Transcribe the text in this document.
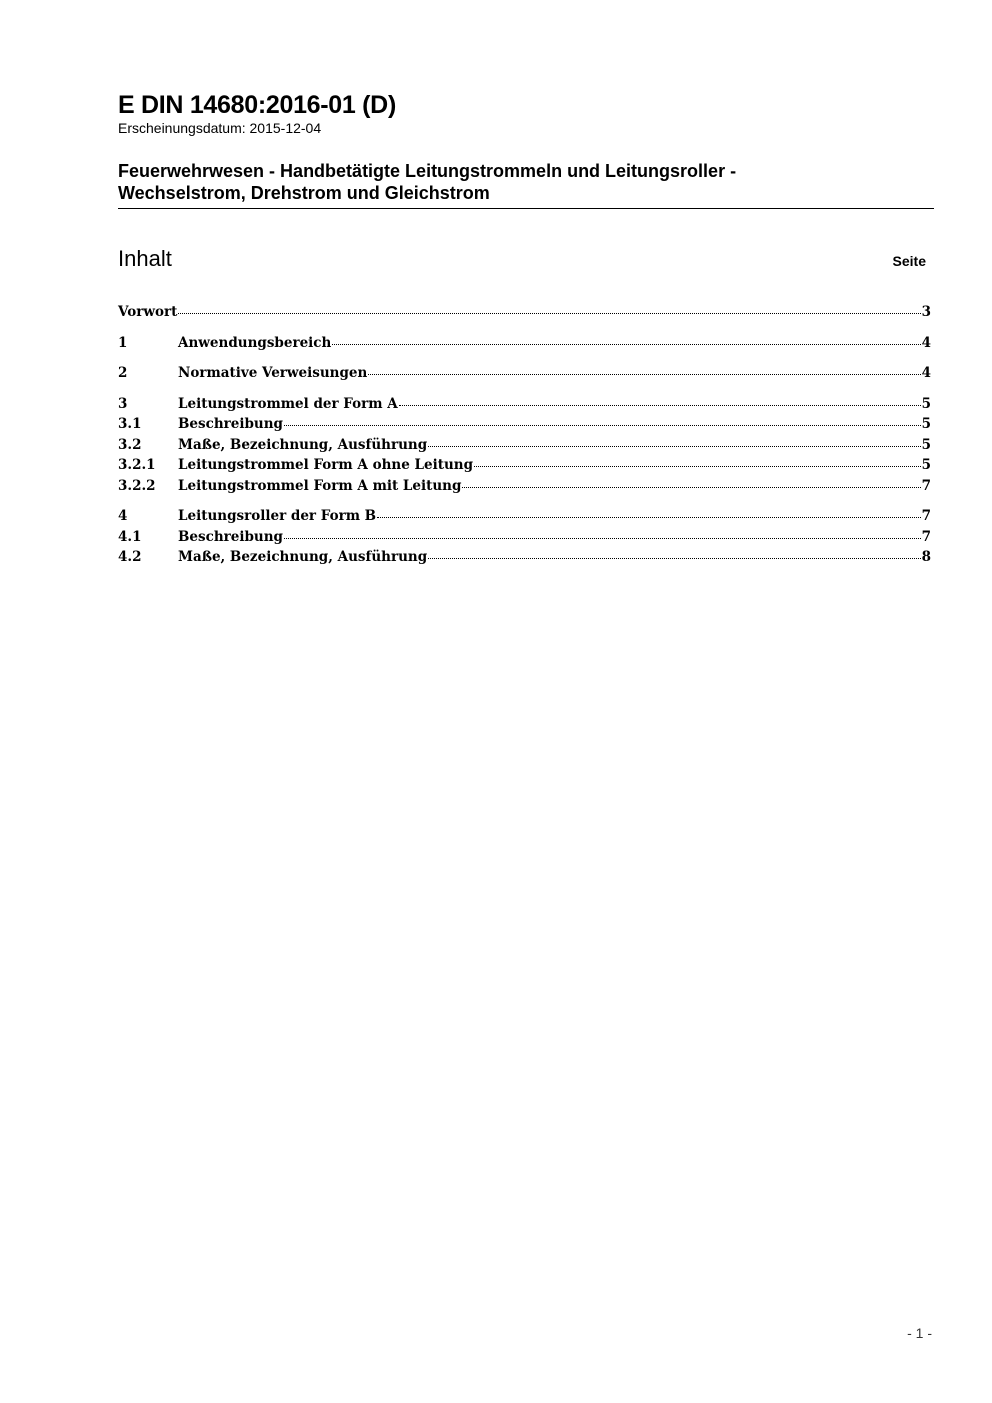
E DIN 14680:2016-01 (D)

Erscheinungsdatum: 2015-12-04

Feuerwehrwesen - Handbetätigte Leitungstrommeln und Leitungsroller -
Wechselstrom, Drehstrom und Gleichstrom
Inhalt	Seite
Vorwort	3
1	Anwendungsbereich	4
2	Normative Verweisungen	4
3	Leitungstrommel der Form A	5
3.1	Beschreibung	5
3.2	Maße, Bezeichnung, Ausführung	5
3.2.1	Leitungstrommel Form A ohne Leitung	5
3.2.2	Leitungstrommel Form A mit Leitung	7
4	Leitungsroller der Form B	7
4.1	Beschreibung	7
4.2	Maße, Bezeichnung, Ausführung	8
- 1 -
